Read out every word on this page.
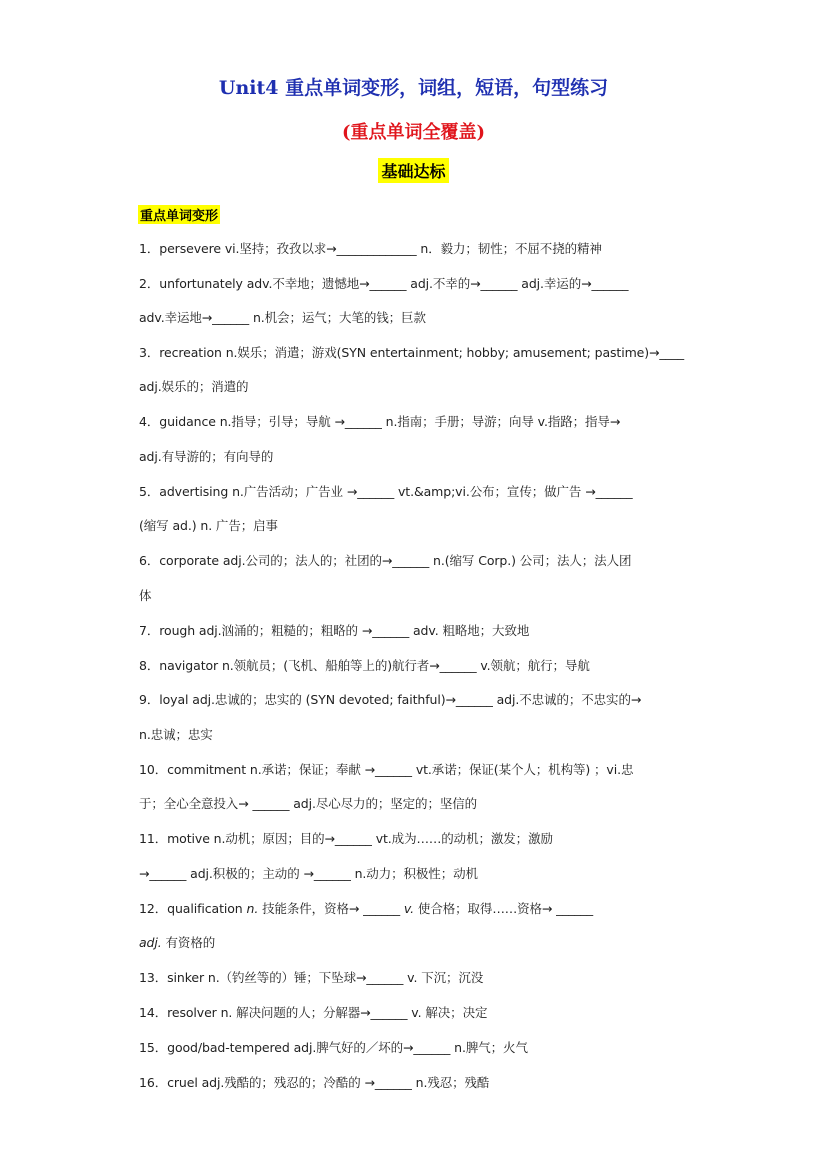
Unit4 重点单词变形，词组，短语，句型练习
(重点单词全覆盖)
基础达标
重点单词变形
1．persevere vi.坚持；孜孜以求→_____________ n．毅力；韧性；不屈不挠的精神
2．unfortunately adv.不幸地；遗憾地→______ adj.不幸的→______ adj.幸运的→______
adv.幸运地→______ n.机会；运气；大笔的钱；巨款
3．recreation n.娱乐；消遣；游戏(SYN entertainment; hobby; amusement; pastime)→____
adj.娱乐的；消遣的
4．guidance n.指导；引导；导航 →______ n.指南；手册；导游；向导 v.指路；指导→
adj.有导游的；有向导的
5．advertising n.广告活动；广告业 →______ vt.&amp;vi.公布；宣传；做广告 →______
(缩写 ad.) n. 广告；启事
6．corporate adj.公司的；法人的；社团的→______ n.(缩写 Corp.) 公司；法人；法人团
体
7．rough adj.汹涌的；粗糙的；粗略的 →______ adv. 粗略地；大致地
8．navigator n.领航员；(飞机、船舶等上的)航行者→______ v.领航；航行；导航
9．loyal adj.忠诚的；忠实的 (SYN devoted; faithful)→______ adj.不忠诚的；不忠实的→
n.忠诚；忠实
10．commitment n.承诺；保证；奉献 →______ vt.承诺；保证(某个人；机构等) ；vi.忠
于；全心全意投入→ ______ adj.尽心尽力的；坚定的；坚信的
11．motive n.动机；原因；目的→______ vt.成为……的动机；激发；激励
→______ adj.积极的；主动的 →______ n.动力；积极性；动机
12．qualification n. 技能条件，资格→ ______ v. 使合格；取得……资格→ ______
adj. 有资格的
13．sinker n.（钓丝等的）锤；下坠球→______ v. 下沉；沉没
14．resolver n. 解决问题的人；分解器→______ v. 解决；决定
15．good/bad-tempered adj.脾气好的／坏的→______ n.脾气；火气
16．cruel adj.残酷的；残忍的；冷酷的 →______ n.残忍；残酷
